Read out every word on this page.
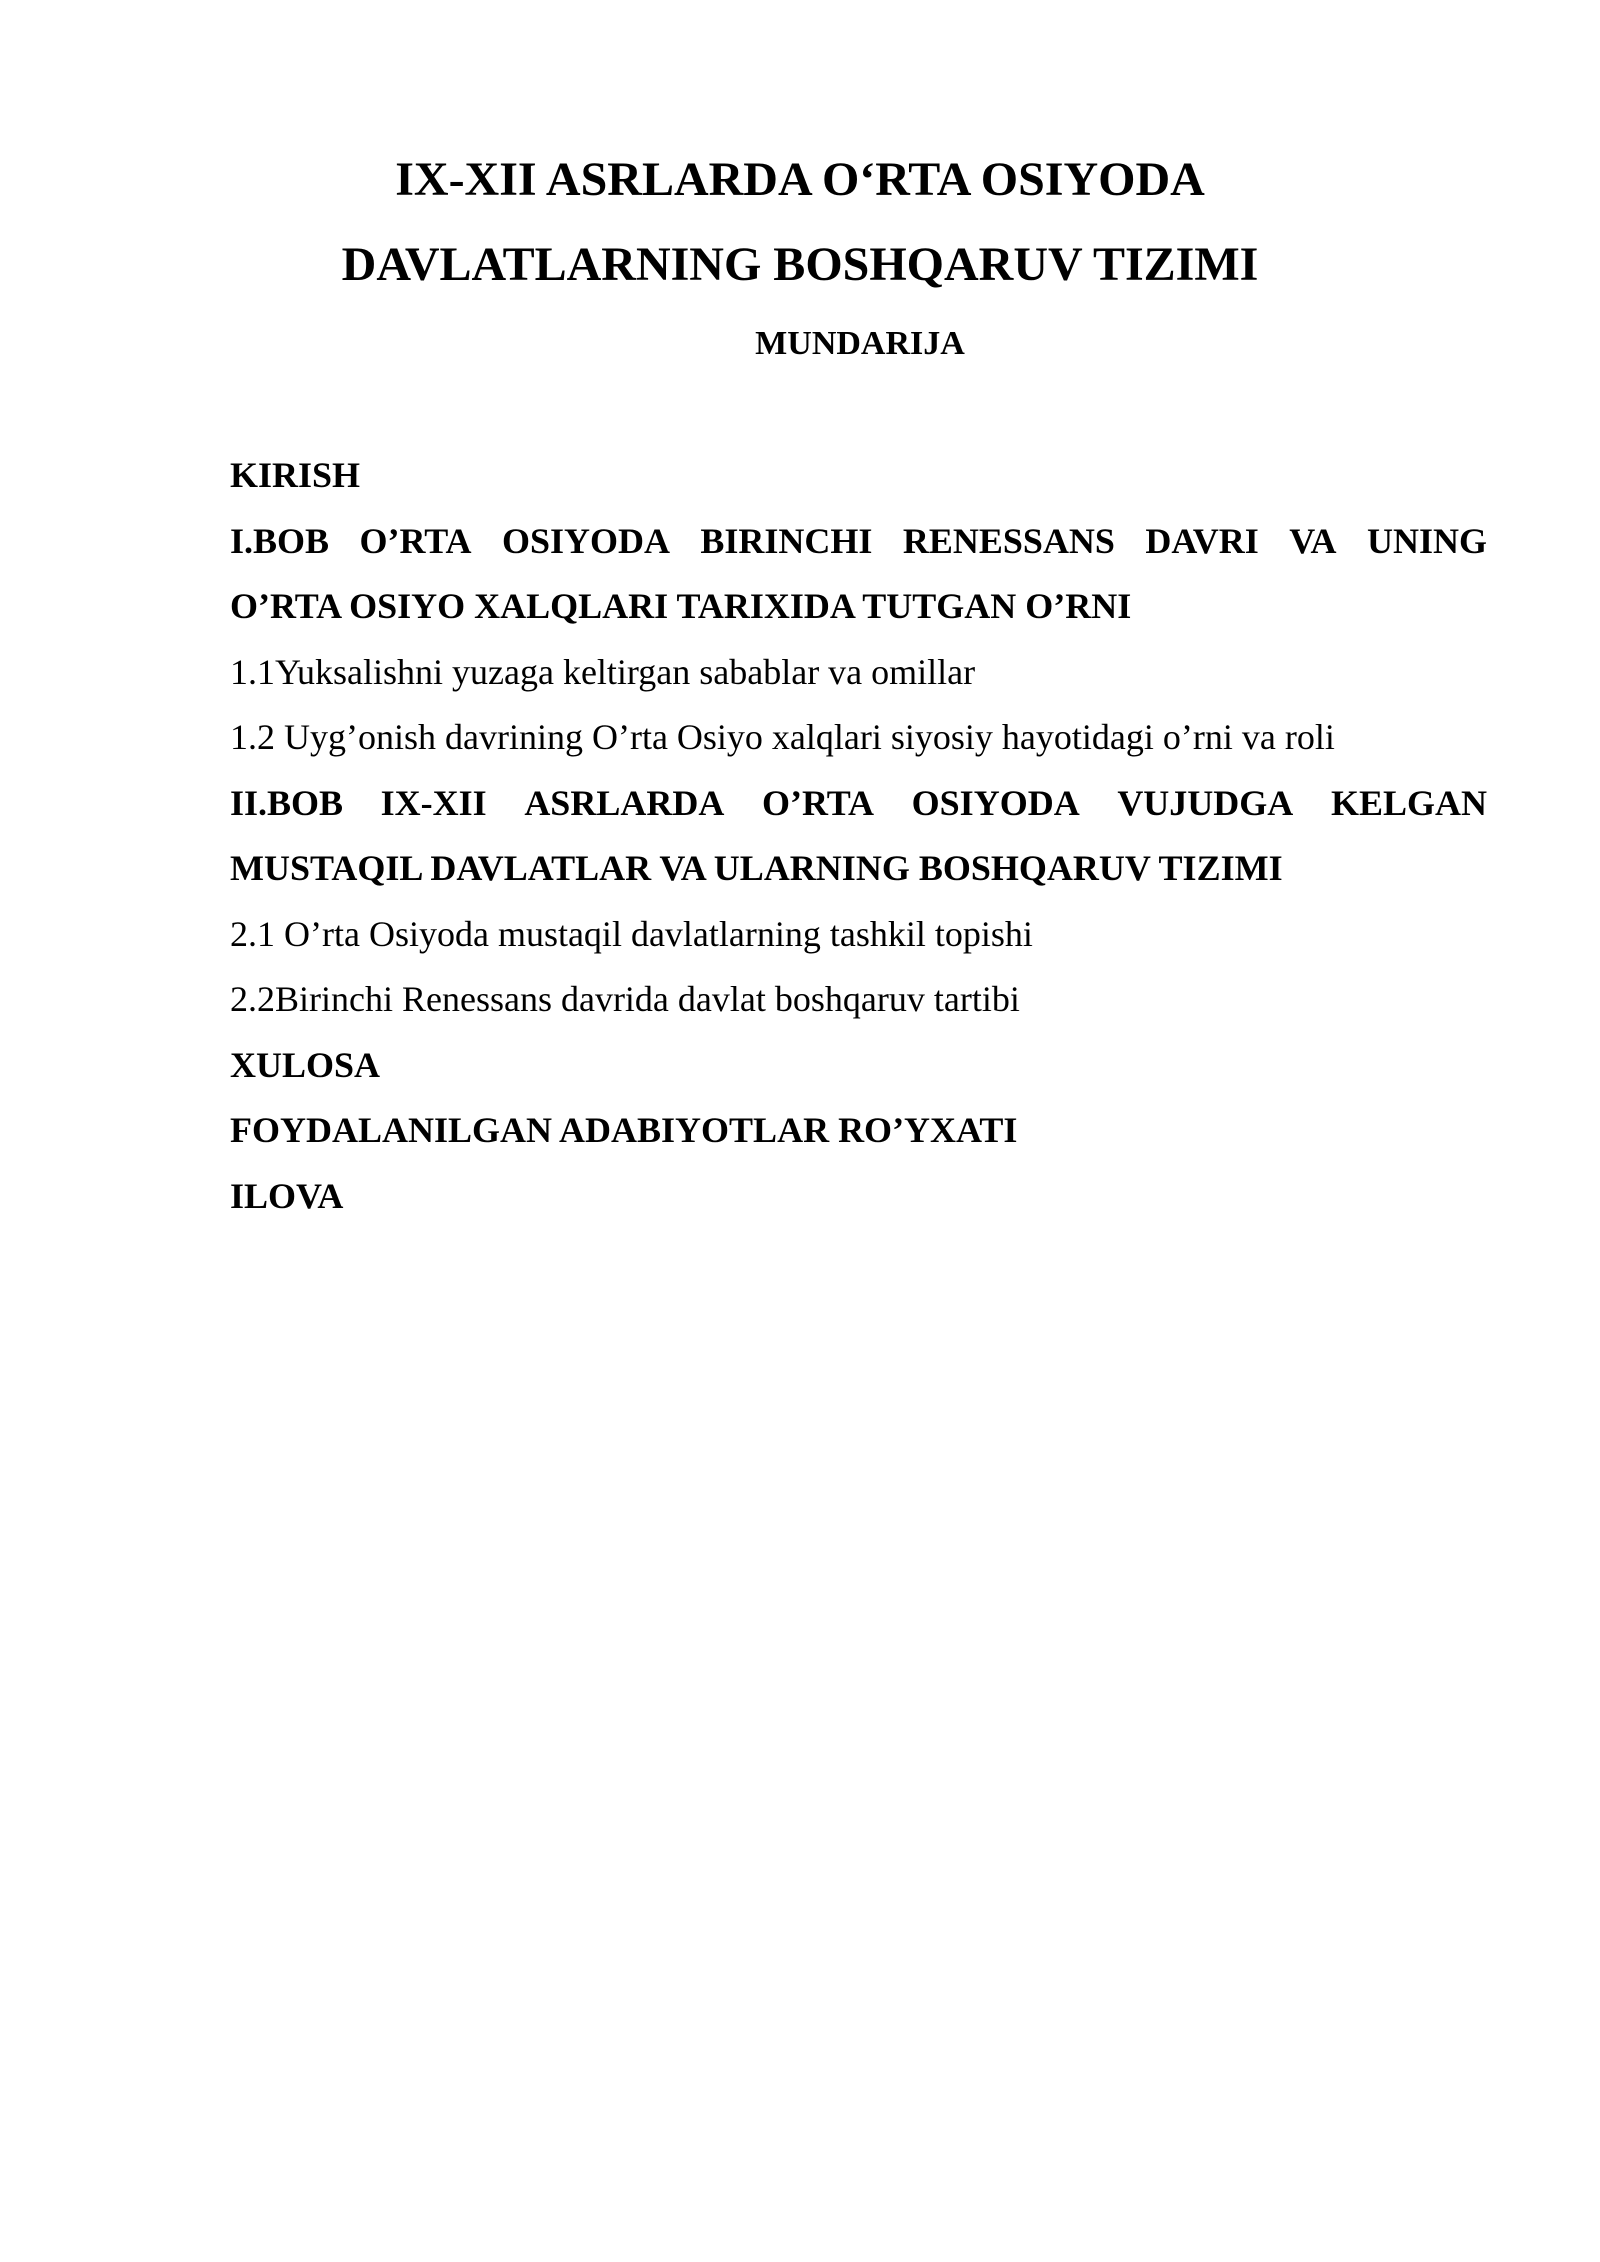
IX-XII ASRLARDA O‘RTA OSIYODA
DAVLATLARNING BOSHQARUV TIZIMI
MUNDARIJA
KIRISH
I.BOB O’RTA OSIYODA BIRINCHI RENESSANS DAVRI VA UNING
O’RTA OSIYO XALQLARI TARIXIDA TUTGAN O’RNI
1.1Yuksalishni yuzaga keltirgan sabablar va omillar
1.2 Uyg’onish davrining O’rta Osiyo xalqlari siyosiy hayotidagi o’rni va roli
II.BOB IX-XII ASRLARDA O’RTA OSIYODA VUJUDGA KELGAN
MUSTAQIL DAVLATLAR VA ULARNING BOSHQARUV TIZIMI
2.1 O’rta Osiyoda mustaqil davlatlarning tashkil topishi
2.2Birinchi Renessans davrida davlat boshqaruv tartibi
XULOSA
FOYDALANILGAN ADABIYOTLAR RO’YXATI
ILOVA
